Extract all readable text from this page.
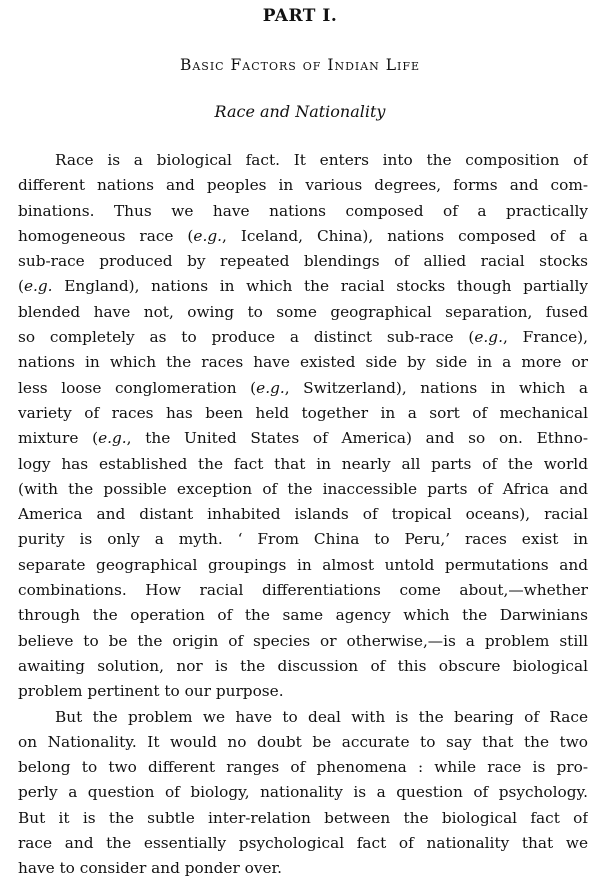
PART I.
Basic Factors of Indian Life
Race and Nationality
Race is a biological fact. It enters into the composition of
different nations and peoples in various degrees, forms and com-
binations. Thus we have nations composed of a practically
homogeneous race (e.g., Iceland, China), nations composed of a
sub-race produced by repeated blendings of allied racial stocks
(e.g. England), nations in which the racial stocks though partially
blended have not, owing to some geographical separation, fused
so completely as to produce a distinct sub-race (e.g., France),
nations in which the races have existed side by side in a more or
less loose conglomeration (e.g., Switzerland), nations in which a
variety of races has been held together in a sort of mechanical
mixture (e.g., the United States of America) and so on. Ethno-
logy has established the fact that in nearly all parts of the world
(with the possible exception of the inaccessible parts of Africa and
America and distant inhabited islands of tropical oceans), racial
purity is only a myth. ‘ From China to Peru,’ races exist in
separate geographical groupings in almost untold permutations and
combinations. How racial differentiations come about,—whether
through the operation of the same agency which the Darwinians
believe to be the origin of species or otherwise,—is a problem still
awaiting solution, nor is the discussion of this obscure biological
problem pertinent to our purpose.
But the problem we have to deal with is the bearing of Race
on Nationality. It would no doubt be accurate to say that the two
belong to two different ranges of phenomena : while race is pro-
perly a question of biology, nationality is a question of psychology.
But it is the subtle inter-relation between the biological fact of
race and the essentially psychological fact of nationality that we
have to consider and ponder over.
